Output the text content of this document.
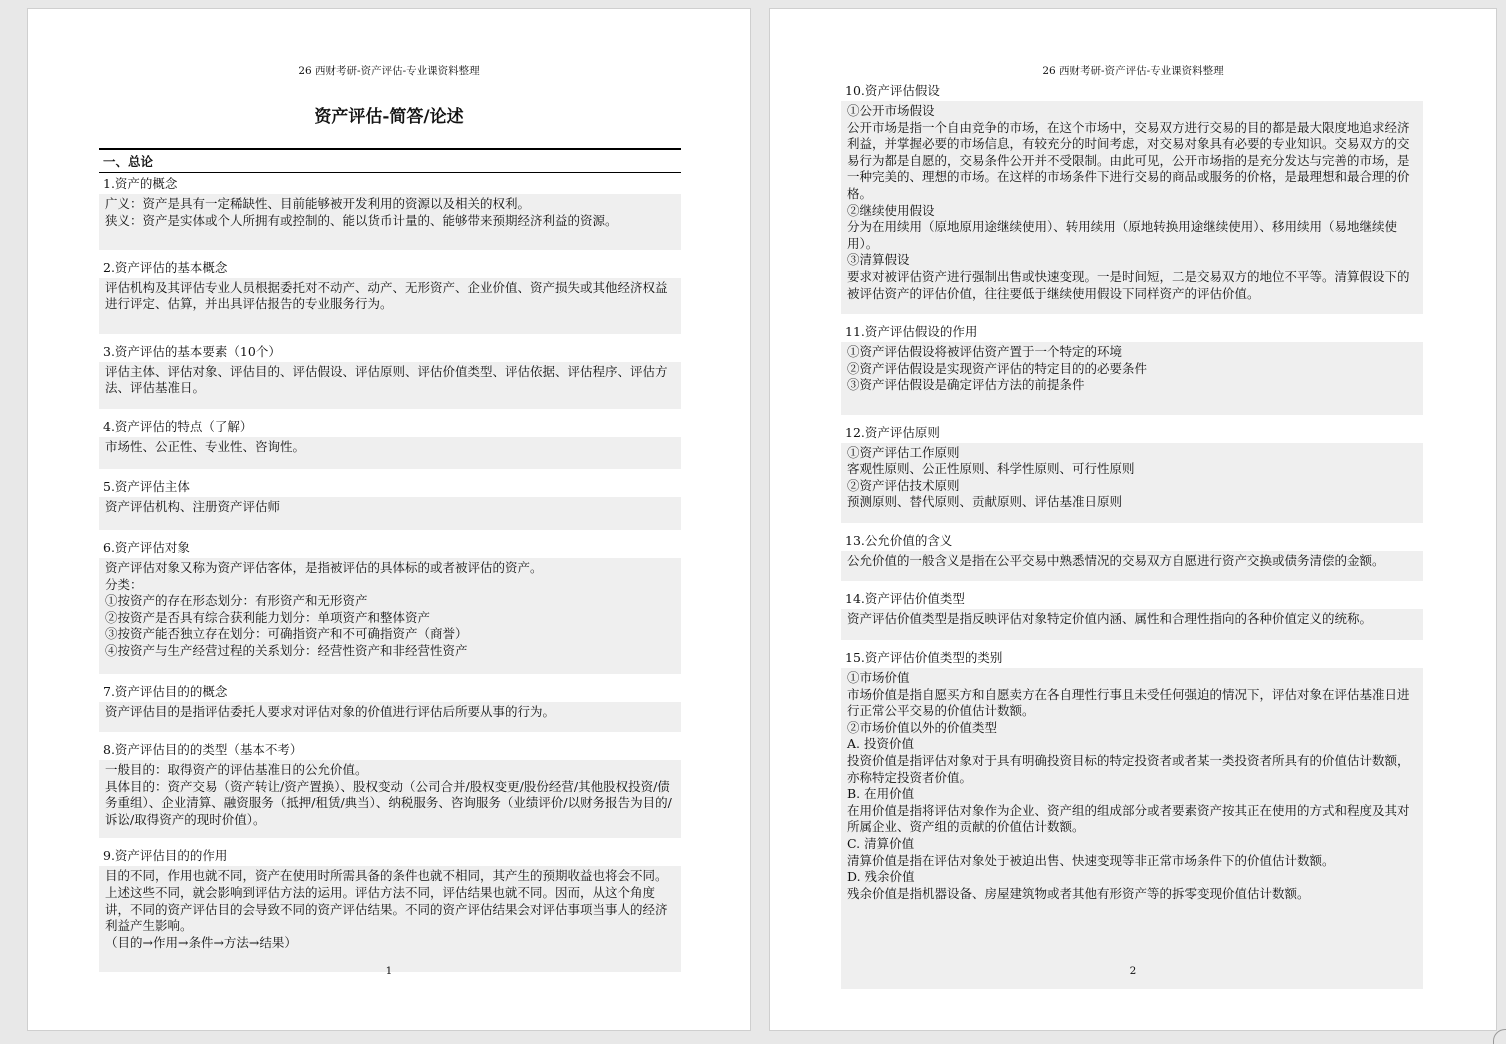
26 西财考研-资产评估-专业课资料整理
资产评估-简答/论述
一、总论
1.资产的概念
广义：资产是具有一定稀缺性、目前能够被开发利用的资源以及相关的权利。
狭义：资产是实体或个人所拥有或控制的、能以货币计量的、能够带来预期经济利益的资源。

2.资产评估的基本概念
评估机构及其评估专业人员根据委托对不动产、动产、无形资产、企业价值、资产损失或其他经济权益进行评定、估算，并出具评估报告的专业服务行为。

3.资产评估的基本要素（10个）
评估主体、评估对象、评估目的、评估假设、评估原则、评估价值类型、评估依据、评估程序、评估方法、评估基准日。
4.资产评估的特点（了解）
市场性、公正性、专业性、咨询性。
5.资产评估主体
资产评估机构、注册资产评估师
6.资产评估对象
资产评估对象又称为资产评估客体，是指被评估的具体标的或者被评估的资产。
分类：
①按资产的存在形态划分：有形资产和无形资产
②按资产是否具有综合获利能力划分：单项资产和整体资产
③按资产能否独立存在划分：可确指资产和不可确指资产（商誉）
④按资产与生产经营过程的关系划分：经营性资产和非经营性资产
7.资产评估目的的概念
资产评估目的是指评估委托人要求对评估对象的价值进行评估后所要从事的行为。
8.资产评估目的的类型（基本不考）
一般目的：取得资产的评估基准日的公允价值。
具体目的：资产交易（资产转让/资产置换）、股权变动（公司合并/股权变更/股份经营/其他股权投资/债务重组）、企业清算、融资服务（抵押/租赁/典当）、纳税服务、咨询服务（业绩评价/以财务报告为目的/诉讼/取得资产的现时价值）。
9.资产评估目的的作用
目的不同，作用也就不同，资产在使用时所需具备的条件也就不相同，其产生的预期收益也将会不同。上述这些不同，就会影响到评估方法的运用。评估方法不同，评估结果也就不同。因而，从这个角度讲，不同的资产评估目的会导致不同的资产评估结果。不同的资产评估结果会对评估事项当事人的经济利益产生影响。
（目的→作用→条件→方法→结果）

1
26 西财考研-资产评估-专业课资料整理
10.资产评估假设
①公开市场假设
公开市场是指一个自由竞争的市场，在这个市场中，交易双方进行交易的目的都是最大限度地追求经济利益，并掌握必要的市场信息，有较充分的时间考虑，对交易对象具有必要的专业知识。交易双方的交易行为都是自愿的，交易条件公开并不受限制。由此可见，公开市场指的是充分发达与完善的市场，是一种完美的、理想的市场。在这样的市场条件下进行交易的商品或服务的价格，是最理想和最合理的价格。
②继续使用假设
分为在用续用（原地原用途继续使用）、转用续用（原地转换用途继续使用）、移用续用（易地继续使用）。
③清算假设
要求对被评估资产进行强制出售或快速变现。一是时间短，二是交易双方的地位不平等。清算假设下的被评估资产的评估价值，往往要低于继续使用假设下同样资产的评估价值。
11.资产评估假设的作用
①资产评估假设将被评估资产置于一个特定的环境
②资产评估假设是实现资产评估的特定目的的必要条件
③资产评估假设是确定评估方法的前提条件

12.资产评估原则
①资产评估工作原则
客观性原则、公正性原则、科学性原则、可行性原则
②资产评估技术原则
预测原则、替代原则、贡献原则、评估基准日原则
13.公允价值的含义
公允价值的一般含义是指在公平交易中熟悉情况的交易双方自愿进行资产交换或债务清偿的金额。
14.资产评估价值类型
资产评估价值类型是指反映评估对象特定价值内涵、属性和合理性指向的各种价值定义的统称。
15.资产评估价值类型的类别
①市场价值
市场价值是指自愿买方和自愿卖方在各自理性行事且未受任何强迫的情况下，评估对象在评估基准日进行正常公平交易的价值估计数额。
②市场价值以外的价值类型
A. 投资价值
投资价值是指评估对象对于具有明确投资目标的特定投资者或者某一类投资者所具有的价值估计数额，亦称特定投资者价值。
B. 在用价值
在用价值是指将评估对象作为企业、资产组的组成部分或者要素资产按其正在使用的方式和程度及其对所属企业、资产组的贡献的价值估计数额。
C. 清算价值
清算价值是指在评估对象处于被迫出售、快速变现等非正常市场条件下的价值估计数额。
D. 残余价值
残余价值是指机器设备、房屋建筑物或者其他有形资产等的拆零变现价值估计数额。

2
